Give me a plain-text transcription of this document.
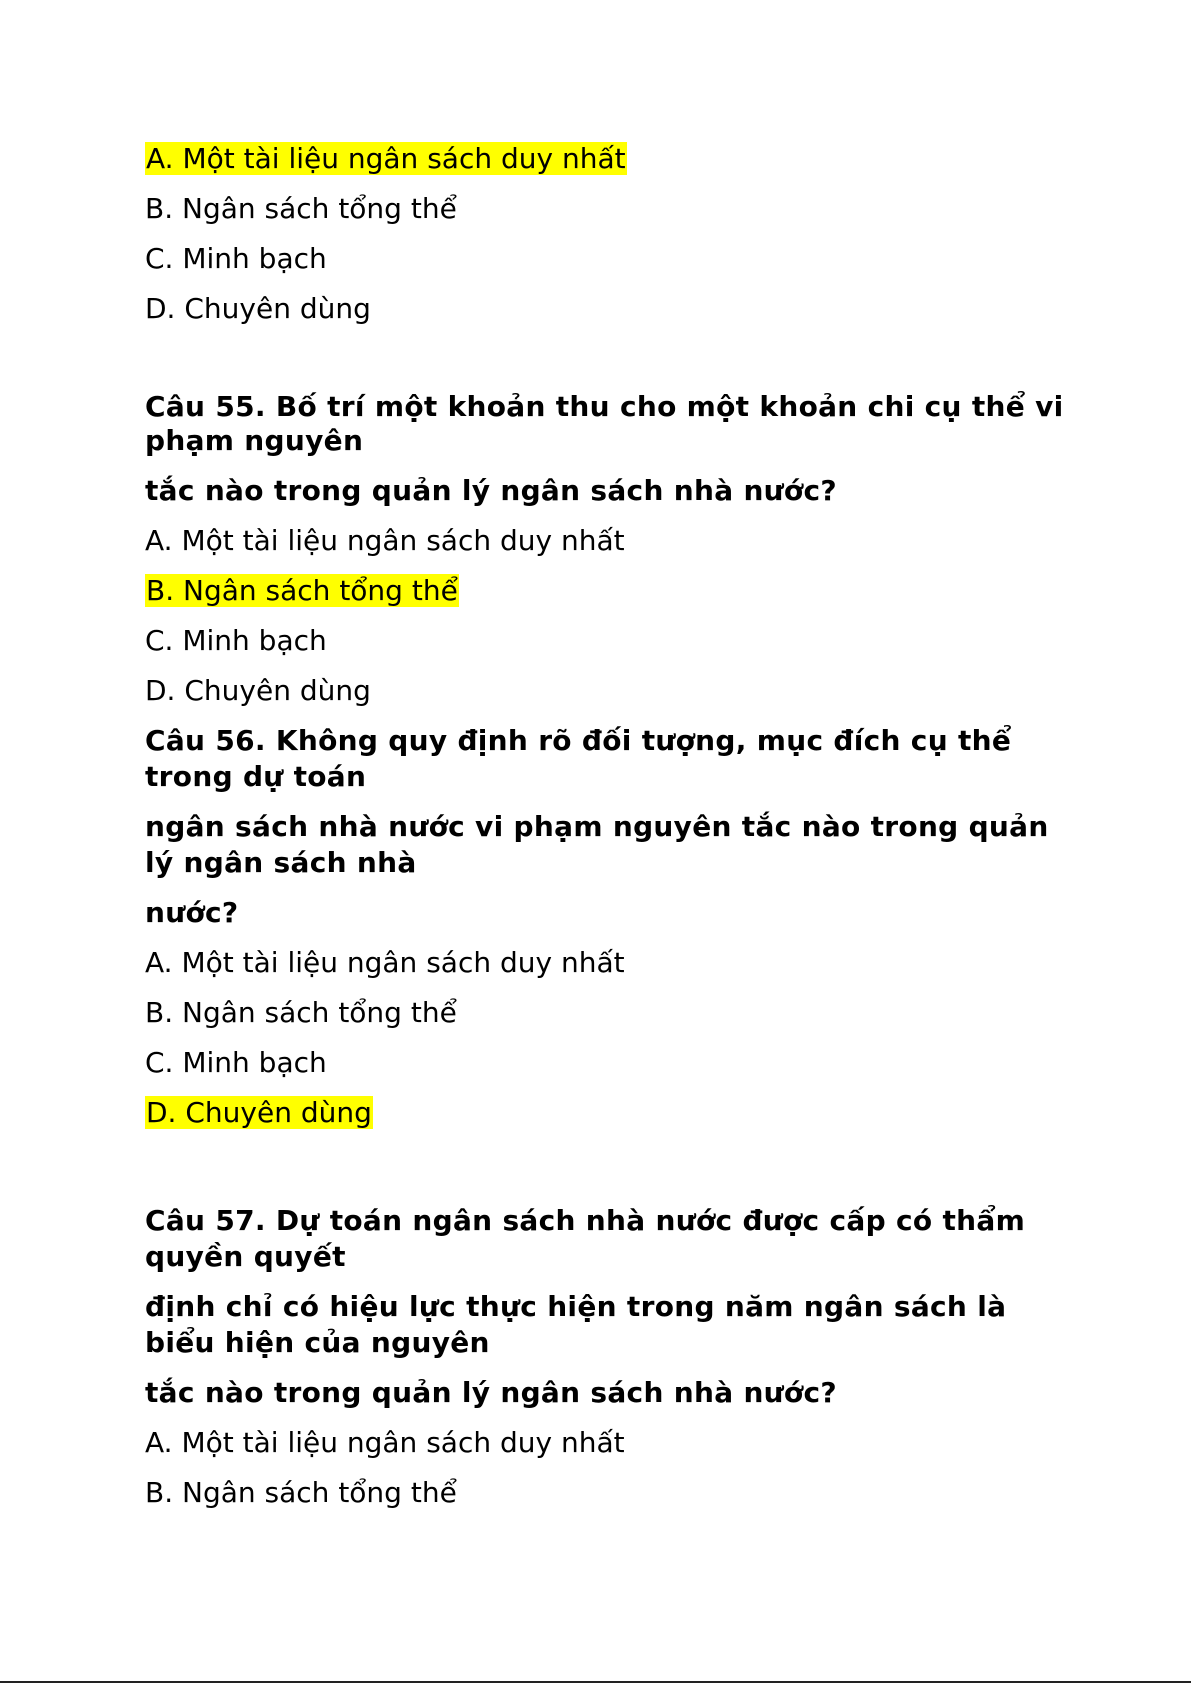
A. Một tài liệu ngân sách duy nhất

B. Ngân sách tổng thể

C. Minh bạch

D. Chuyên dùng

Câu 55. Bố trí một khoản thu cho một khoản chi cụ thể vi

phạm nguyên

tắc nào trong quản lý ngân sách nhà nước?

A. Một tài liệu ngân sách duy nhất

B. Ngân sách tổng thể

C. Minh bạch

D. Chuyên dùng

Câu 56. Không quy định rõ đối tượng, mục đích cụ thể

trong dự toán

ngân sách nhà nước vi phạm nguyên tắc nào trong quản

lý ngân sách nhà

nước?

A. Một tài liệu ngân sách duy nhất

B. Ngân sách tổng thể

C. Minh bạch

D. Chuyên dùng

Câu 57. Dự toán ngân sách nhà nước được cấp có thẩm

quyền quyết

định chỉ có hiệu lực thực hiện trong năm ngân sách là

biểu hiện của nguyên

tắc nào trong quản lý ngân sách nhà nước?

A. Một tài liệu ngân sách duy nhất

B. Ngân sách tổng thể
